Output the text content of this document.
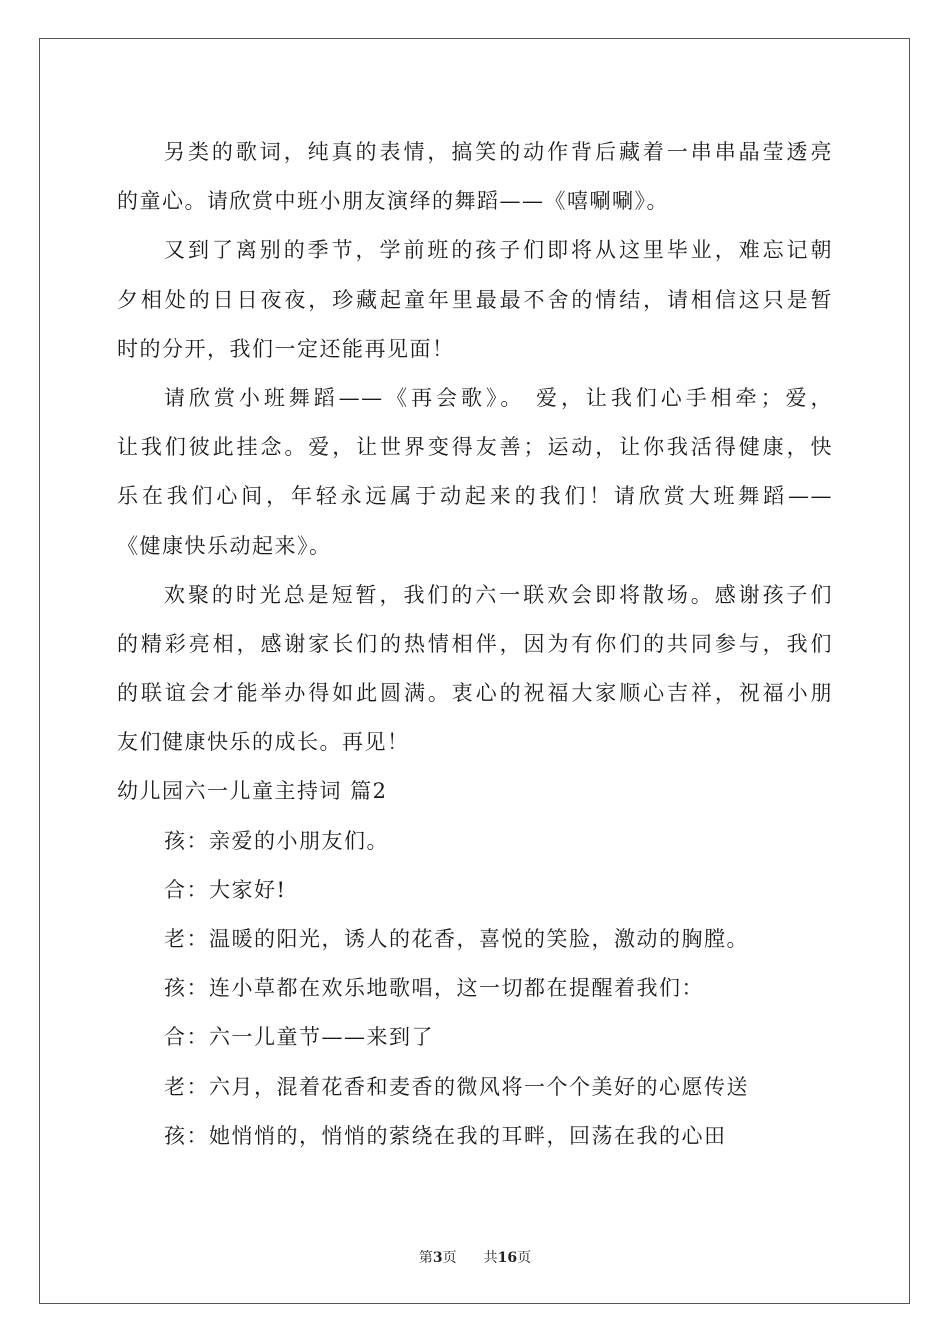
另类的歌词，纯真的表情，搞笑的动作背后藏着一串串晶莹透亮
的童心。请欣赏中班小朋友演绎的舞蹈——《嘻唰唰》。
又到了离别的季节，学前班的孩子们即将从这里毕业，难忘记朝
夕相处的日日夜夜，珍藏起童年里最最不舍的情结，请相信这只是暂
时的分开，我们一定还能再见面！
请欣赏小班舞蹈——《再会歌》。 爱，让我们心手相牵；爱，
让我们彼此挂念。爱，让世界变得友善；运动，让你我活得健康，快
乐在我们心间，年轻永远属于动起来的我们！请欣赏大班舞蹈——
《健康快乐动起来》。
欢聚的时光总是短暂，我们的六一联欢会即将散场。感谢孩子们
的精彩亮相，感谢家长们的热情相伴，因为有你们的共同参与，我们
的联谊会才能举办得如此圆满。衷心的祝福大家顺心吉祥，祝福小朋
友们健康快乐的成长。再见！
幼儿园六一儿童主持词 篇2
孩：亲爱的小朋友们。
合：大家好!
老：温暖的阳光，诱人的花香，喜悦的笑脸，激动的胸膛。
孩：连小草都在欢乐地歌唱，这一切都在提醒着我们：
合：六一儿童节——来到了
老：六月，混着花香和麦香的微风将一个个美好的心愿传送
孩：她悄悄的，悄悄的萦绕在我的耳畔，回荡在我的心田
第3页 共16页
